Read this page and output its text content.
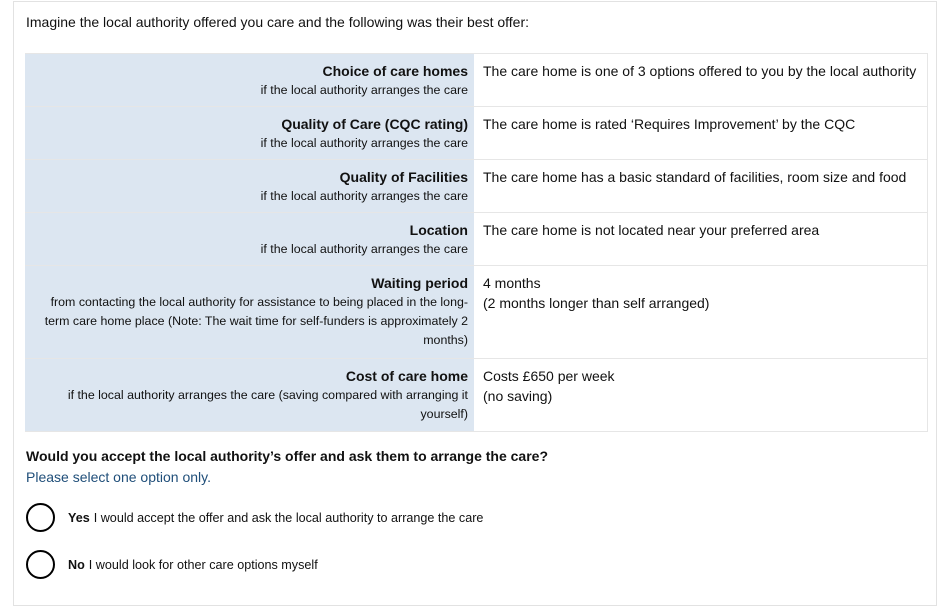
Imagine the local authority offered you care and the following was their best offer:
Choice of care homes
if the local authority arranges the care
The care home is one of 3 options offered to you by the local authority
Quality of Care (CQC rating)
if the local authority arranges the care
The care home is rated ‘Requires Improvement’ by the CQC
Quality of Facilities
if the local authority arranges the care
The care home has a basic standard of facilities, room size and food
Location
if the local authority arranges the care
The care home is not located near your preferred area
Waiting period
from contacting the local authority for assistance to being placed in the long-term care home place (Note: The wait time for self-funders is approximately 2 months)
4 months
(2 months longer than self arranged)
Cost of care home
if the local authority arranges the care (saving compared with arranging it yourself)
Costs £650 per week
(no saving)
Would you accept the local authority’s offer and ask them to arrange the care?
Please select one option only.
Yes I would accept the offer and ask the local authority to arrange the care
No I would look for other care options myself
